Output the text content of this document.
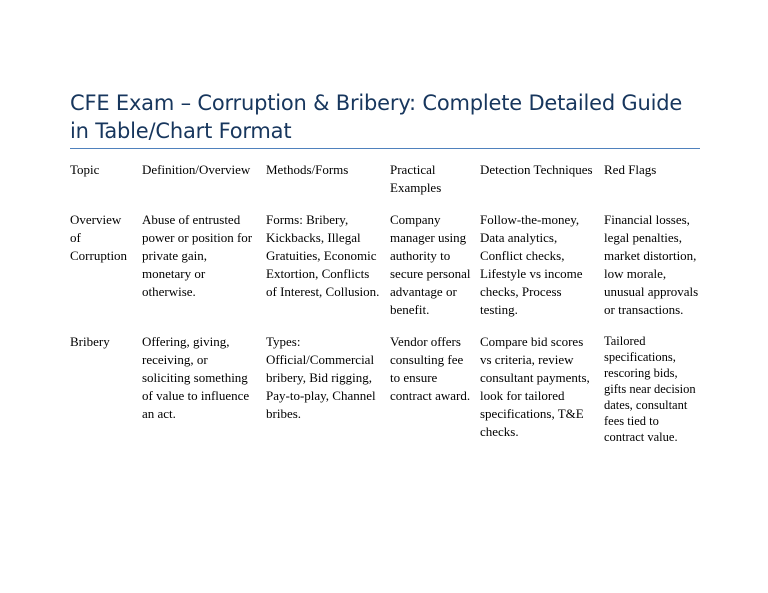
CFE Exam – Corruption & Bribery: Complete Detailed Guide in Table/Chart Format
Topic	Definition/Overview	Methods/Forms	Practical Examples	Detection Techniques	Red Flags
Overview of Corruption	Abuse of entrusted power or position for private gain, monetary or otherwise.	Forms: Bribery, Kickbacks, Illegal Gratuities, Economic Extortion, Conflicts of Interest, Collusion.	Company manager using authority to secure personal advantage or benefit.	Follow-the-money, Data analytics, Conflict checks, Lifestyle vs income checks, Process testing.	Financial losses, legal penalties, market distortion, low morale, unusual approvals or transactions.
Bribery	Offering, giving, receiving, or soliciting something of value to influence an act.	Types: Official/Commercial bribery, Bid rigging, Pay-to-play, Channel bribes.	Vendor offers consulting fee to ensure contract award.	Compare bid scores vs criteria, review consultant payments, look for tailored specifications, T&E checks.	Tailored specifications, rescoring bids, gifts near decision dates, consultant fees tied to contract value.
